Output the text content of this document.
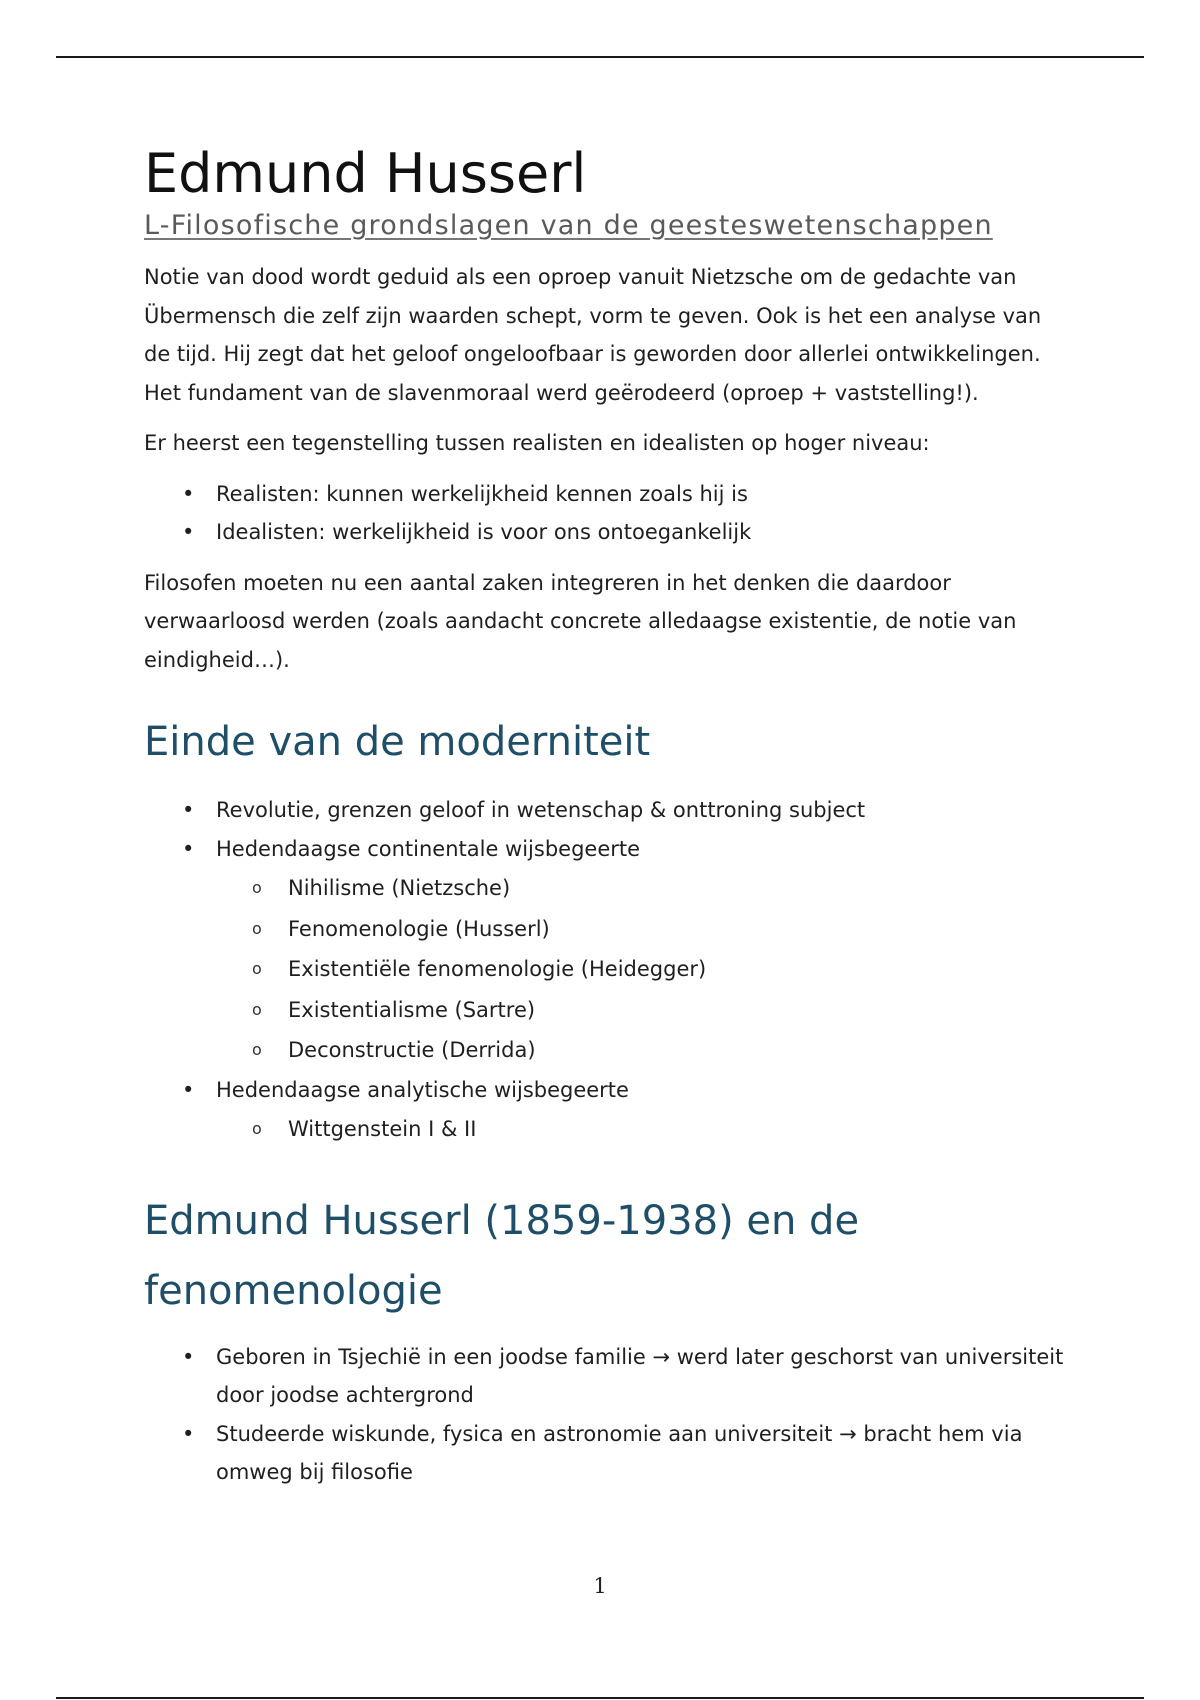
Edmund Husserl
L-Filosofische grondslagen van de geesteswetenschappen

Notie van dood wordt geduid als een oproep vanuit Nietzsche om de gedachte van Übermensch die zelf zijn waarden schept, vorm te geven. Ook is het een analyse van de tijd. Hij zegt dat het geloof ongeloofbaar is geworden door allerlei ontwikkelingen. Het fundament van de slavenmoraal werd geërodeerd (oproep + vaststelling!).

Er heerst een tegenstelling tussen realisten en idealisten op hoger niveau:

• Realisten: kunnen werkelijkheid kennen zoals hij is
• Idealisten: werkelijkheid is voor ons ontoegankelijk

Filosofen moeten nu een aantal zaken integreren in het denken die daardoor verwaarloosd werden (zoals aandacht concrete alledaagse existentie, de notie van eindigheid…).

Einde van de moderniteit
• Revolutie, grenzen geloof in wetenschap & onttroning subject
• Hedendaagse continentale wijsbegeerte
o Nihilisme (Nietzsche)
o Fenomenologie (Husserl)
o Existentiële fenomenologie (Heidegger)
o Existentialisme (Sartre)
o Deconstructie (Derrida)
• Hedendaagse analytische wijsbegeerte
o Wittgenstein I & II
Edmund Husserl (1859-1938) en de fenomenologie
• Geboren in Tsjechië in een joodse familie → werd later geschorst van universiteit door joodse achtergrond
• Studeerde wiskunde, fysica en astronomie aan universiteit → bracht hem via omweg bij filosofie
1
